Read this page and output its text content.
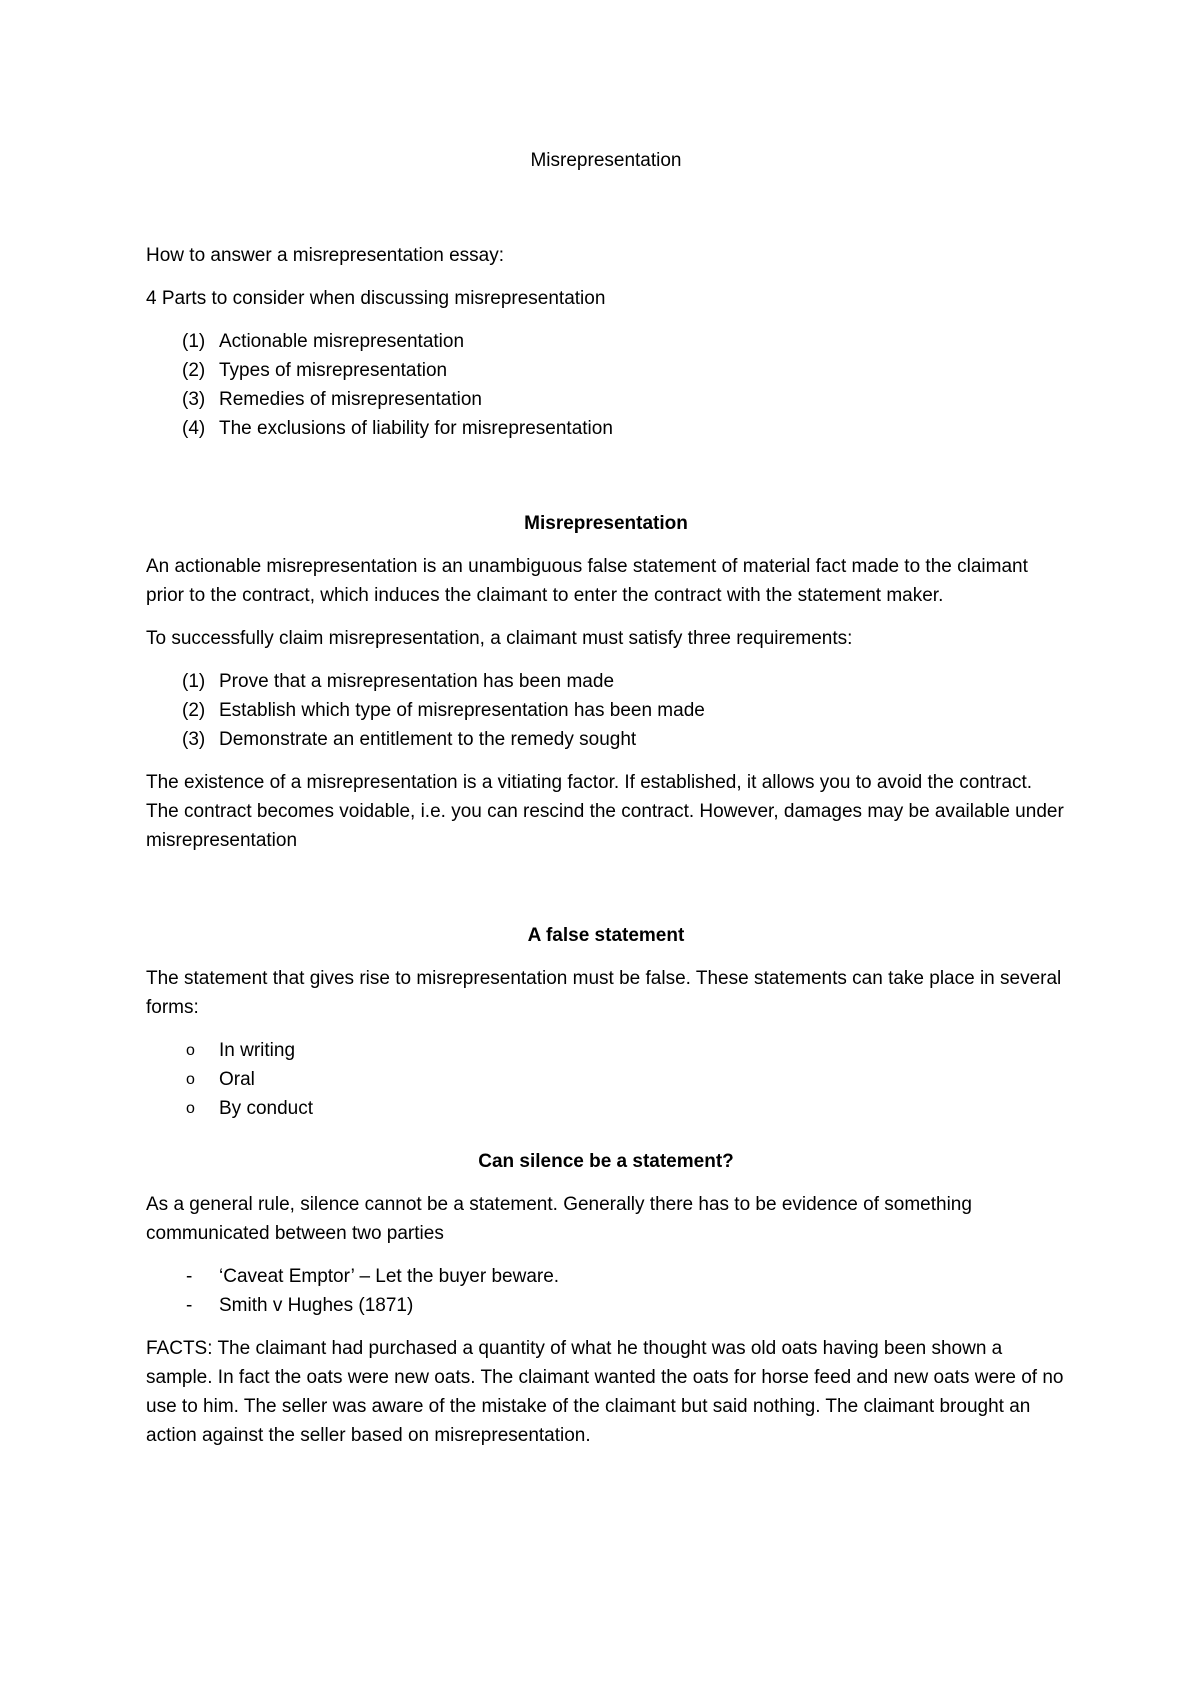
Misrepresentation

How to answer a misrepresentation essay:

4 Parts to consider when discussing misrepresentation

(1) Actionable misrepresentation
(2) Types of misrepresentation
(3) Remedies of misrepresentation
(4) The exclusions of liability for misrepresentation
Misrepresentation

An actionable misrepresentation is an unambiguous false statement of material fact made to the claimant prior to the contract, which induces the claimant to enter the contract with the statement maker.

To successfully claim misrepresentation, a claimant must satisfy three requirements:

(1) Prove that a misrepresentation has been made
(2) Establish which type of misrepresentation has been made
(3) Demonstrate an entitlement to the remedy sought

The existence of a misrepresentation is a vitiating factor. If established, it allows you to avoid the contract. The contract becomes voidable, i.e. you can rescind the contract. However, damages may be available under misrepresentation

A false statement

The statement that gives rise to misrepresentation must be false. These statements can take place in several forms:

o In writing
o Oral
o By conduct
Can silence be a statement?

As a general rule, silence cannot be a statement. Generally there has to be evidence of something communicated between two parties

- ‘Caveat Emptor’ – Let the buyer beware.
- Smith v Hughes (1871)

FACTS: The claimant had purchased a quantity of what he thought was old oats having been shown a sample. In fact the oats were new oats. The claimant wanted the oats for horse feed and new oats were of no use to him. The seller was aware of the mistake of the claimant but said nothing. The claimant brought an action against the seller based on misrepresentation.
